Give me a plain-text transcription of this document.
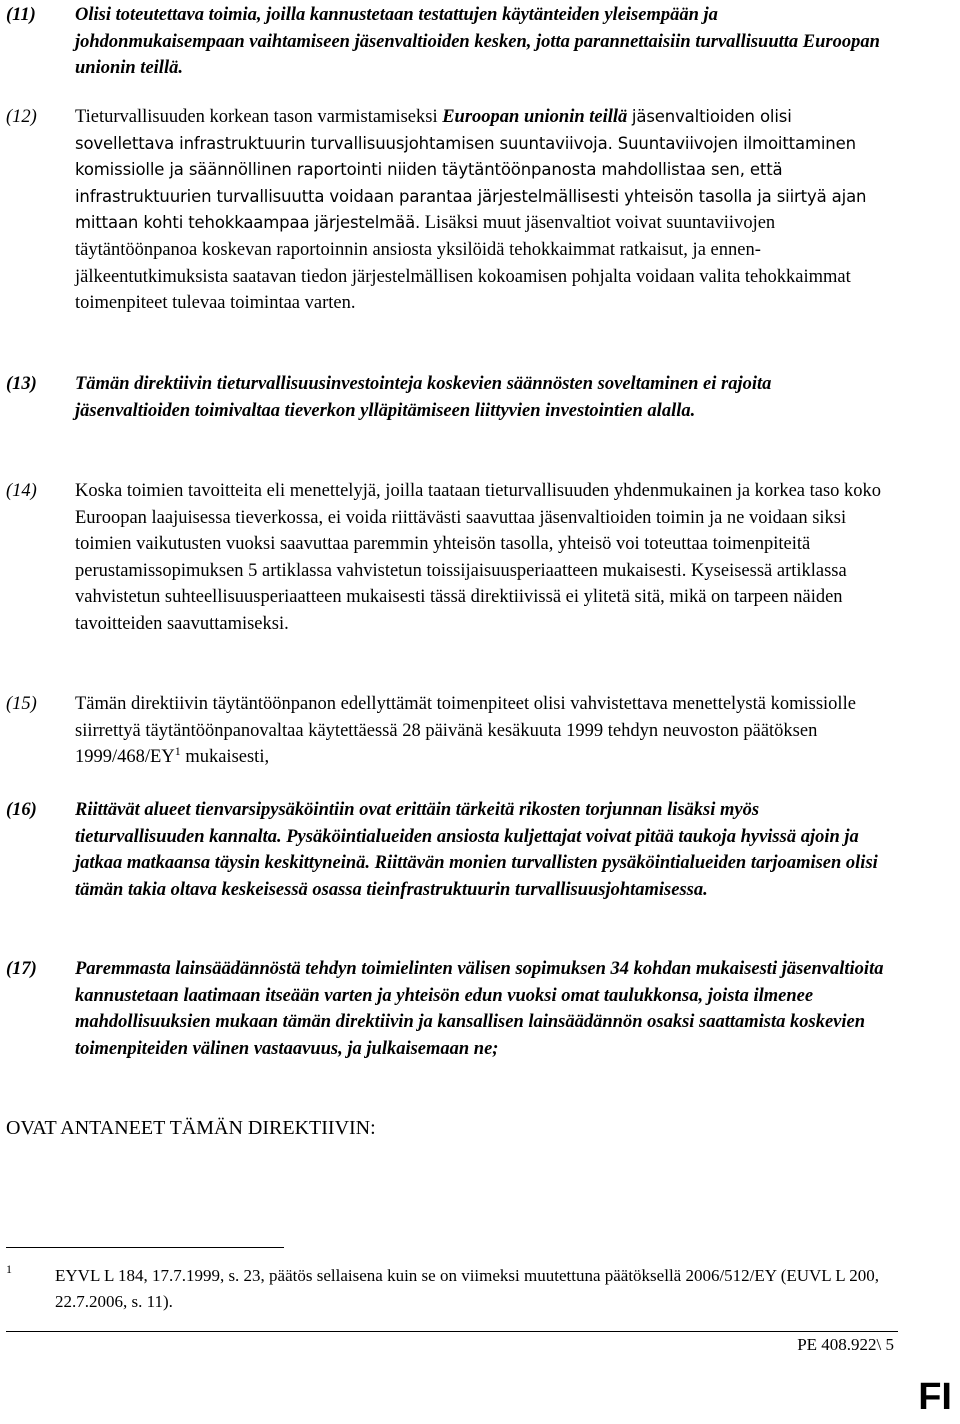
(11) Olisi toteutettava toimia, joilla kannustetaan testattujen käytänteiden yleisempään ja johdonmukaisempaan vaihtamiseen jäsenvaltioiden kesken, jotta parannettaisiin turvallisuutta Euroopan unionin teillä.
(12) Tieturvallisuuden korkean tason varmistamiseksi Euroopan unionin teillä jäsenvaltioiden olisi sovellettava infrastruktuurin turvallisuusjohtamisen suuntaviivoja. Suuntaviivojen ilmoittaminen komissiolle ja säännöllinen raportointi niiden täytäntöönpanosta mahdollistaa sen, että infrastruktuurien turvallisuutta voidaan parantaa järjestelmällisesti yhteisön tasolla ja siirtyä ajan mittaan kohti tehokkaampaa järjestelmää. Lisäksi muut jäsenvaltiot voivat suuntaviivojen täytäntöönpanoa koskevan raportoinnin ansiosta yksilöidä tehokkaimmat ratkaisut, ja ennen-jälkeentutkimuksista saatavan tiedon järjestelmällisen kokoamisen pohjalta voidaan valita tehokkaimmat toimenpiteet tulevaa toimintaa varten.
(13) Tämän direktiivin tieturvallisuusinvestointeja koskevien säännösten soveltaminen ei rajoita jäsenvaltioiden toimivaltaa tieverkon ylläpitämiseen liittyvien investointien alalla.
(14) Koska toimien tavoitteita eli menettelyjä, joilla taataan tieturvallisuuden yhdenmukainen ja korkea taso koko Euroopan laajuisessa tieverkossa, ei voida riittävästi saavuttaa jäsenvaltioiden toimin ja ne voidaan siksi toimien vaikutusten vuoksi saavuttaa paremmin yhteisön tasolla, yhteisö voi toteuttaa toimenpiteitä perustamissopimuksen 5 artiklassa vahvistetun toissijaisuusperiaatteen mukaisesti. Kyseisessä artiklassa vahvistetun suhteellisuusperiaatteen mukaisesti tässä direktiivissä ei ylitetä sitä, mikä on tarpeen näiden tavoitteiden saavuttamiseksi.
(15) Tämän direktiivin täytäntöönpanon edellyttämät toimenpiteet olisi vahvistettava menettelystä komissiolle siirrettyä täytäntöönpanovaltaa käytettäessä 28 päivänä kesäkuuta 1999 tehdyn neuvoston päätöksen $1999/468/EY^1$ mukaisesti,
(16) Riittävät alueet tienvarsipysäköintiin ovat erittäin tärkeitä rikosten torjunnan lisäksi myös tieturvallisuuden kannalta. Pysäköintialueiden ansiosta kuljettajat voivat pitää taukoja hyvissä ajoin ja jatkaa matkaansa täysin keskittyneinä. Riittävän monien turvallisten pysäköintialueiden tarjoamisen olisi tämän takia oltava keskeisessä osassa tieinfrastruktuurin turvallisuusjohtamisessa.
(17) Paremmasta lainsäädännöstä tehdyn toimielinten välisen sopimuksen 34 kohdan mukaisesti jäsenvaltioita kannustetaan laatimaan itseään varten ja yhteisön edun vuoksi omat taulukkonsa, joista ilmenee mahdollisuuksien mukaan tämän direktiivin ja kansallisen lainsäädännön osaksi saattamista koskevien toimenpiteiden välinen vastaavuus, ja julkaisemaan ne;
OVAT ANTANEET TÄMÄN DIREKTIIVIN:
1	EYVL L 184, 17.7.1999, s. 23, päätös sellaisena kuin se on viimeksi muutettuna päätöksellä 2006/512/EY (EUVL L 200, 22.7.2006, s. 11).
PE 408.922\ 5
FI
